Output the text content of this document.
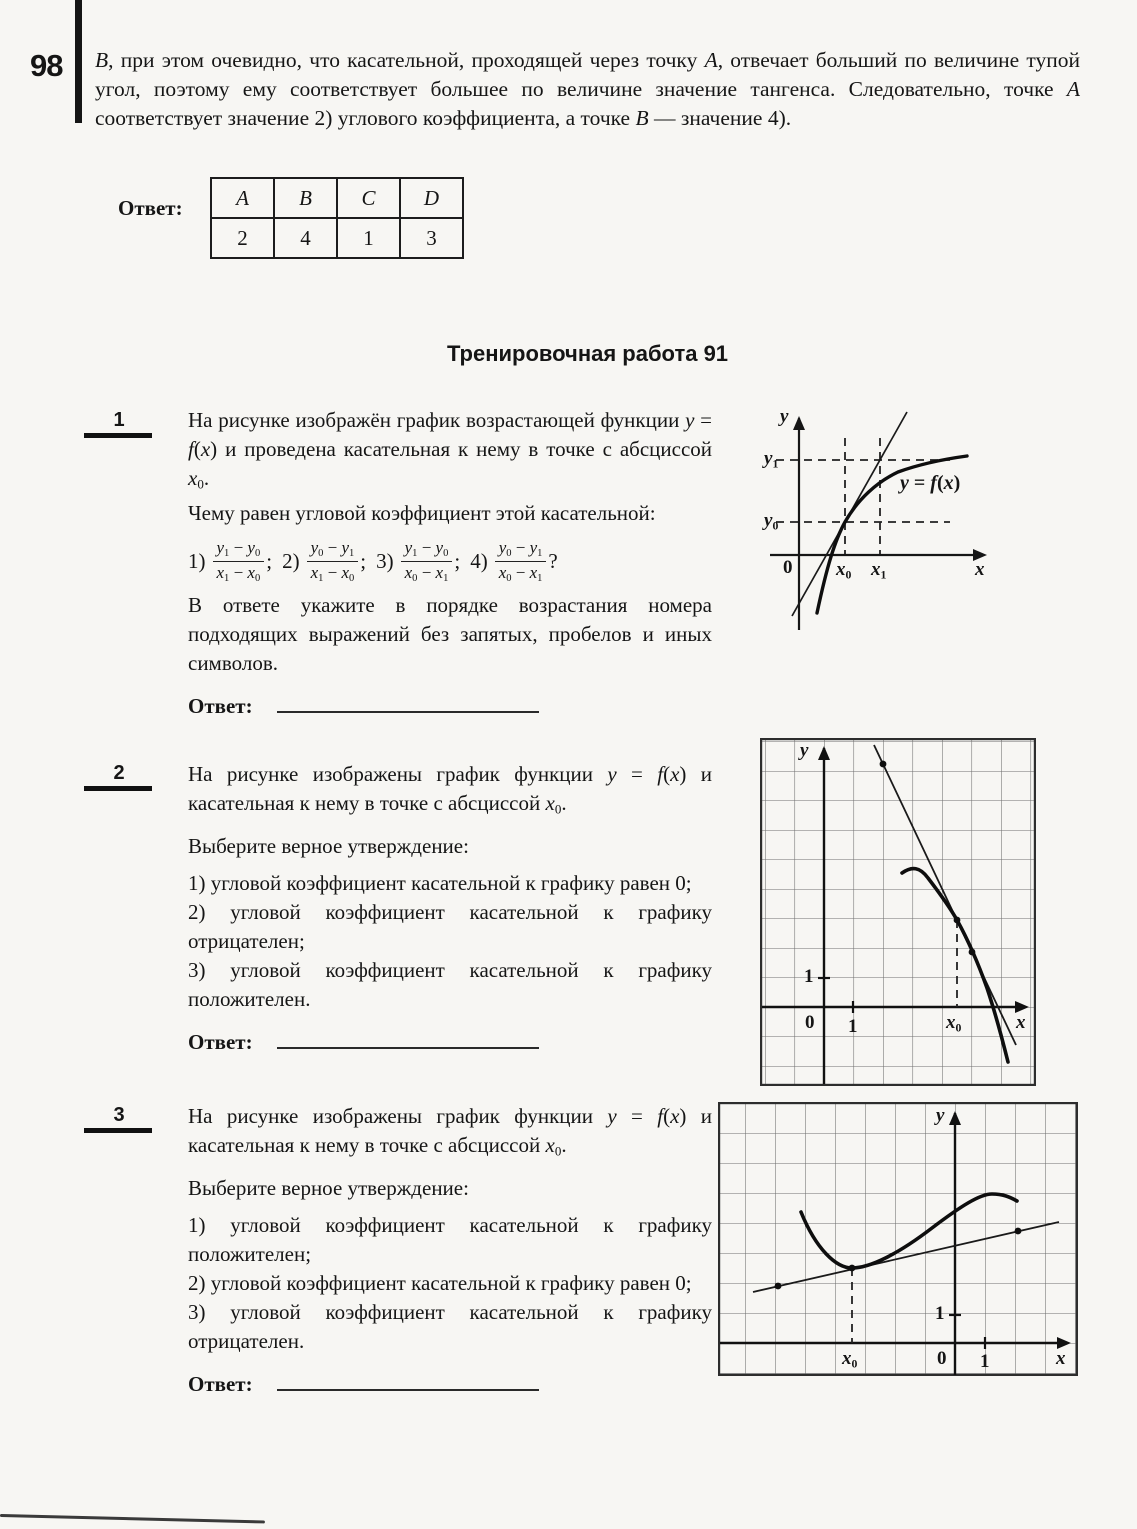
98 В, при этом очевидно, что касательной, проходящей через точку А, отвечает больший по величине тупой угол, поэтому ему соответствует большее по величине значение тангенса. Следовательно, точке А соответствует значение 2) углового коэффициента, а точке В — значение 4).

Ответ:	A	B	C	D
2	4	1	3
Тренировочная работа 91
1	На рисунке изображён график возрастающей функции y = f(x) и проведена касательная к нему в точке с абсциссой x0.

Чему равен угловой коэффициент этой касательной:

$1) \frac{y1 - y0}{x1 - x0}$ ; $2) \frac{y0 - y1}{x1 - x0}$ ; $3) \frac{y1 - y0}{x0 - x1}$ ; $4) \frac{y0 - y1}{x0 - x1}$ ?

В ответе укажите в порядке возрастания номера подходящих выражений без запятых, пробелов и иных символов.

Ответ:
y
y1
y0
0 x0 x1	x
y = f(x)
2	На рисунке изображены график функции y = f(x) и касательная к нему в точке с абсциссой x0.

Выберите верное утверждение:

1) угловой коэффициент касательной к графику равен 0;

2) угловой коэффициент касательной к графику отрицателен;

3) угловой коэффициент касательной к графику положителен.

Ответ:
y
1
0 1	x0	x
3	На рисунке изображены график функции y = f(x) и касательная к нему в точке с абсциссой x0.

Выберите верное утверждение:

1) угловой коэффициент касательной к графику положителен;

2) угловой коэффициент касательной к графику равен 0;

3) угловой коэффициент касательной к графику отрицателен.

Ответ:
y
1
0 1
x0	x
